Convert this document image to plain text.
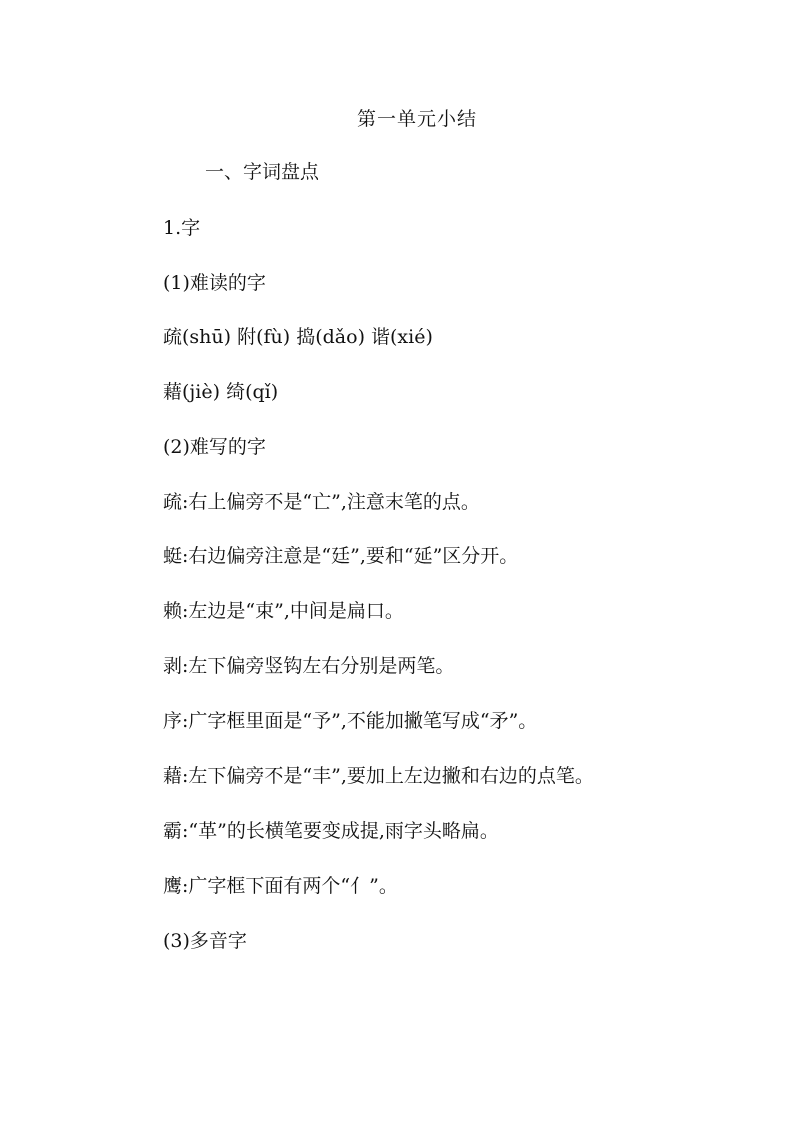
第一单元小结
一、字词盘点
1.字
(1)难读的字
疏(shū) 附(fù) 捣(dǎo) 谐(xié)
藉(jiè) 绮(qǐ)
(2)难写的字
疏:右上偏旁不是“亡”,注意末笔的点。
蜓:右边偏旁注意是“廷”,要和“延”区分开。
赖:左边是“束”,中间是扁口。
剥:左下偏旁竖钩左右分别是两笔。
序:广字框里面是“予”,不能加撇笔写成“矛”。
藉:左下偏旁不是“丰”,要加上左边撇和右边的点笔。
霸:“革”的长横笔要变成提,雨字头略扁。
鹰:广字框下面有两个“亻”。
(3)多音字
